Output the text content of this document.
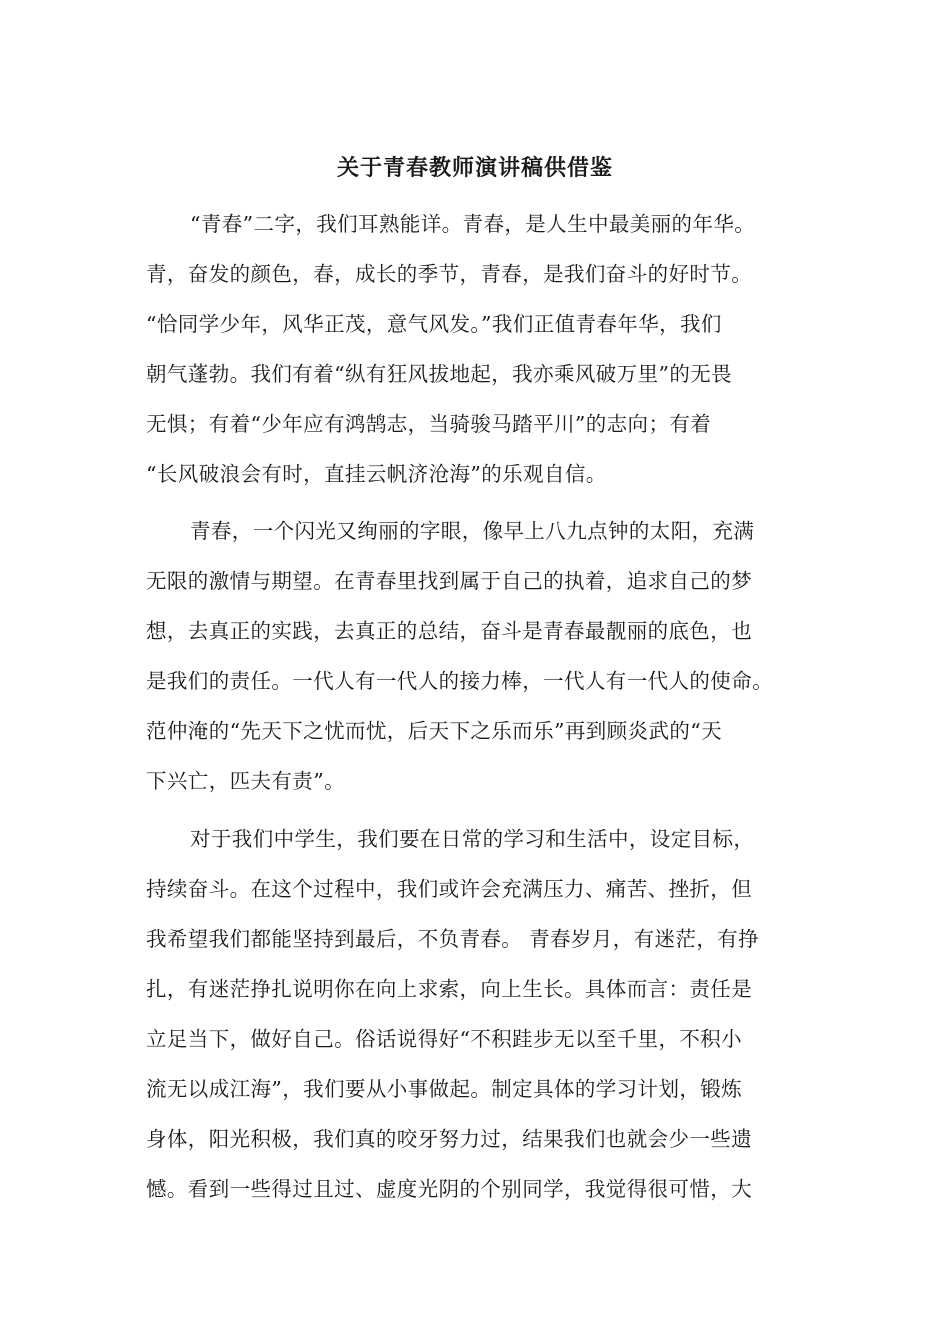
关于青春教师演讲稿供借鉴
“青春”二字，我们耳熟能详。青春，是人生中最美丽的年华。
青，奋发的颜色，春，成长的季节，青春，是我们奋斗的好时节。
“恰同学少年，风华正茂，意气风发。”我们正值青春年华，我们
朝气蓬勃。我们有着“纵有狂风拔地起，我亦乘风破万里”的无畏
无惧；有着“少年应有鸿鹄志，当骑骏马踏平川”的志向；有着
“长风破浪会有时，直挂云帆济沧海”的乐观自信。
青春，一个闪光又绚丽的字眼，像早上八九点钟的太阳，充满
无限的激情与期望。在青春里找到属于自己的执着，追求自己的梦
想，去真正的实践，去真正的总结，奋斗是青春最靓丽的底色，也
是我们的责任。一代人有一代人的接力棒，一代人有一代人的使命。
范仲淹的“先天下之忧而忧，后天下之乐而乐”再到顾炎武的“天
下兴亡，匹夫有责”。
对于我们中学生，我们要在日常的学习和生活中，设定目标，
持续奋斗。在这个过程中，我们或许会充满压力、痛苦、挫折，但
我希望我们都能坚持到最后，不负青春。 青春岁月，有迷茫，有挣
扎，有迷茫挣扎说明你在向上求索，向上生长。具体而言：责任是
立足当下，做好自己。俗话说得好“不积跬步无以至千里，不积小
流无以成江海”，我们要从小事做起。制定具体的学习计划，锻炼
身体，阳光积极，我们真的咬牙努力过，结果我们也就会少一些遗
憾。看到一些得过且过、虚度光阴的个别同学，我觉得很可惜，大
